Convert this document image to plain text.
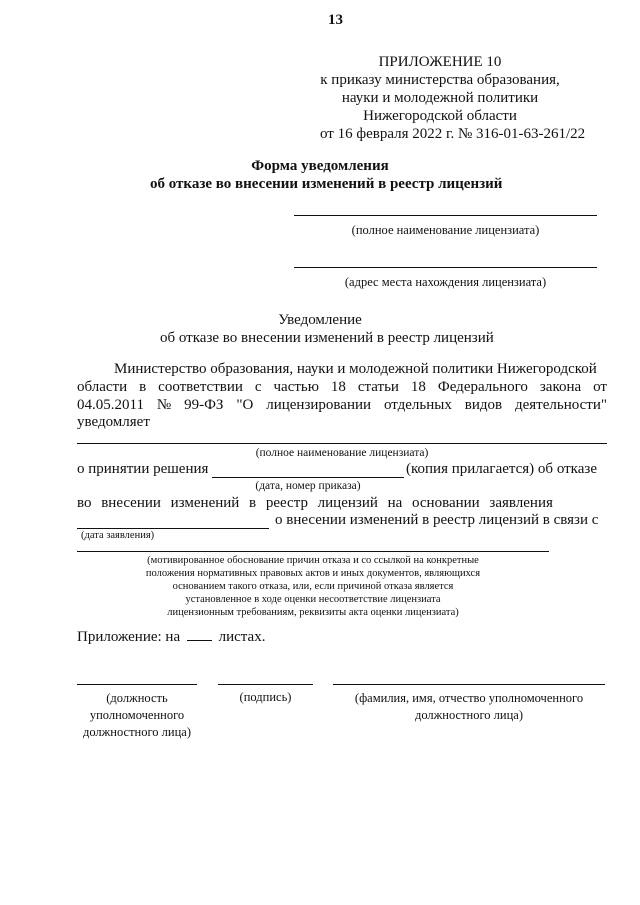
13
ПРИЛОЖЕНИЕ 10
к приказу министерства образования,
науки и молодежной политики
Нижегородской области
от 16 февраля 2022 г. № 316-01-63-261/22
Форма уведомления
об отказе во внесении изменений в реестр лицензий
(полное наименование лицензиата)
(адрес места нахождения лицензиата)
Уведомление
об отказе во внесении изменений в реестр лицензий
Министерство образования, науки и молодежной политики Нижегородской
области в соответствии с частью 18 статьи 18 Федерального закона от
04.05.2011 № 99-ФЗ "О лицензировании отдельных видов деятельности"
уведомляет
(полное наименование лицензиата)
о принятии решения	(копия прилагается) об отказе
(дата, номер приказа)
во внесении изменений в реестр лицензий на основании заявления
о внесении изменений в реестр лицензий в связи с
(дата заявления)
(мотивированное обоснование причин отказа и со ссылкой на конкретные
положения нормативных правовых актов и иных документов, являющихся
основанием такого отказа, или, если причиной отказа является
установленное в ходе оценки несоответствие лицензиата
лицензионным требованиям, реквизиты акта оценки лицензиата)
Приложение: на	листах.
(должность
уполномоченного
должностного лица)
(подпись)	(фамилия, имя, отчество уполномоченного
должностного лица)
